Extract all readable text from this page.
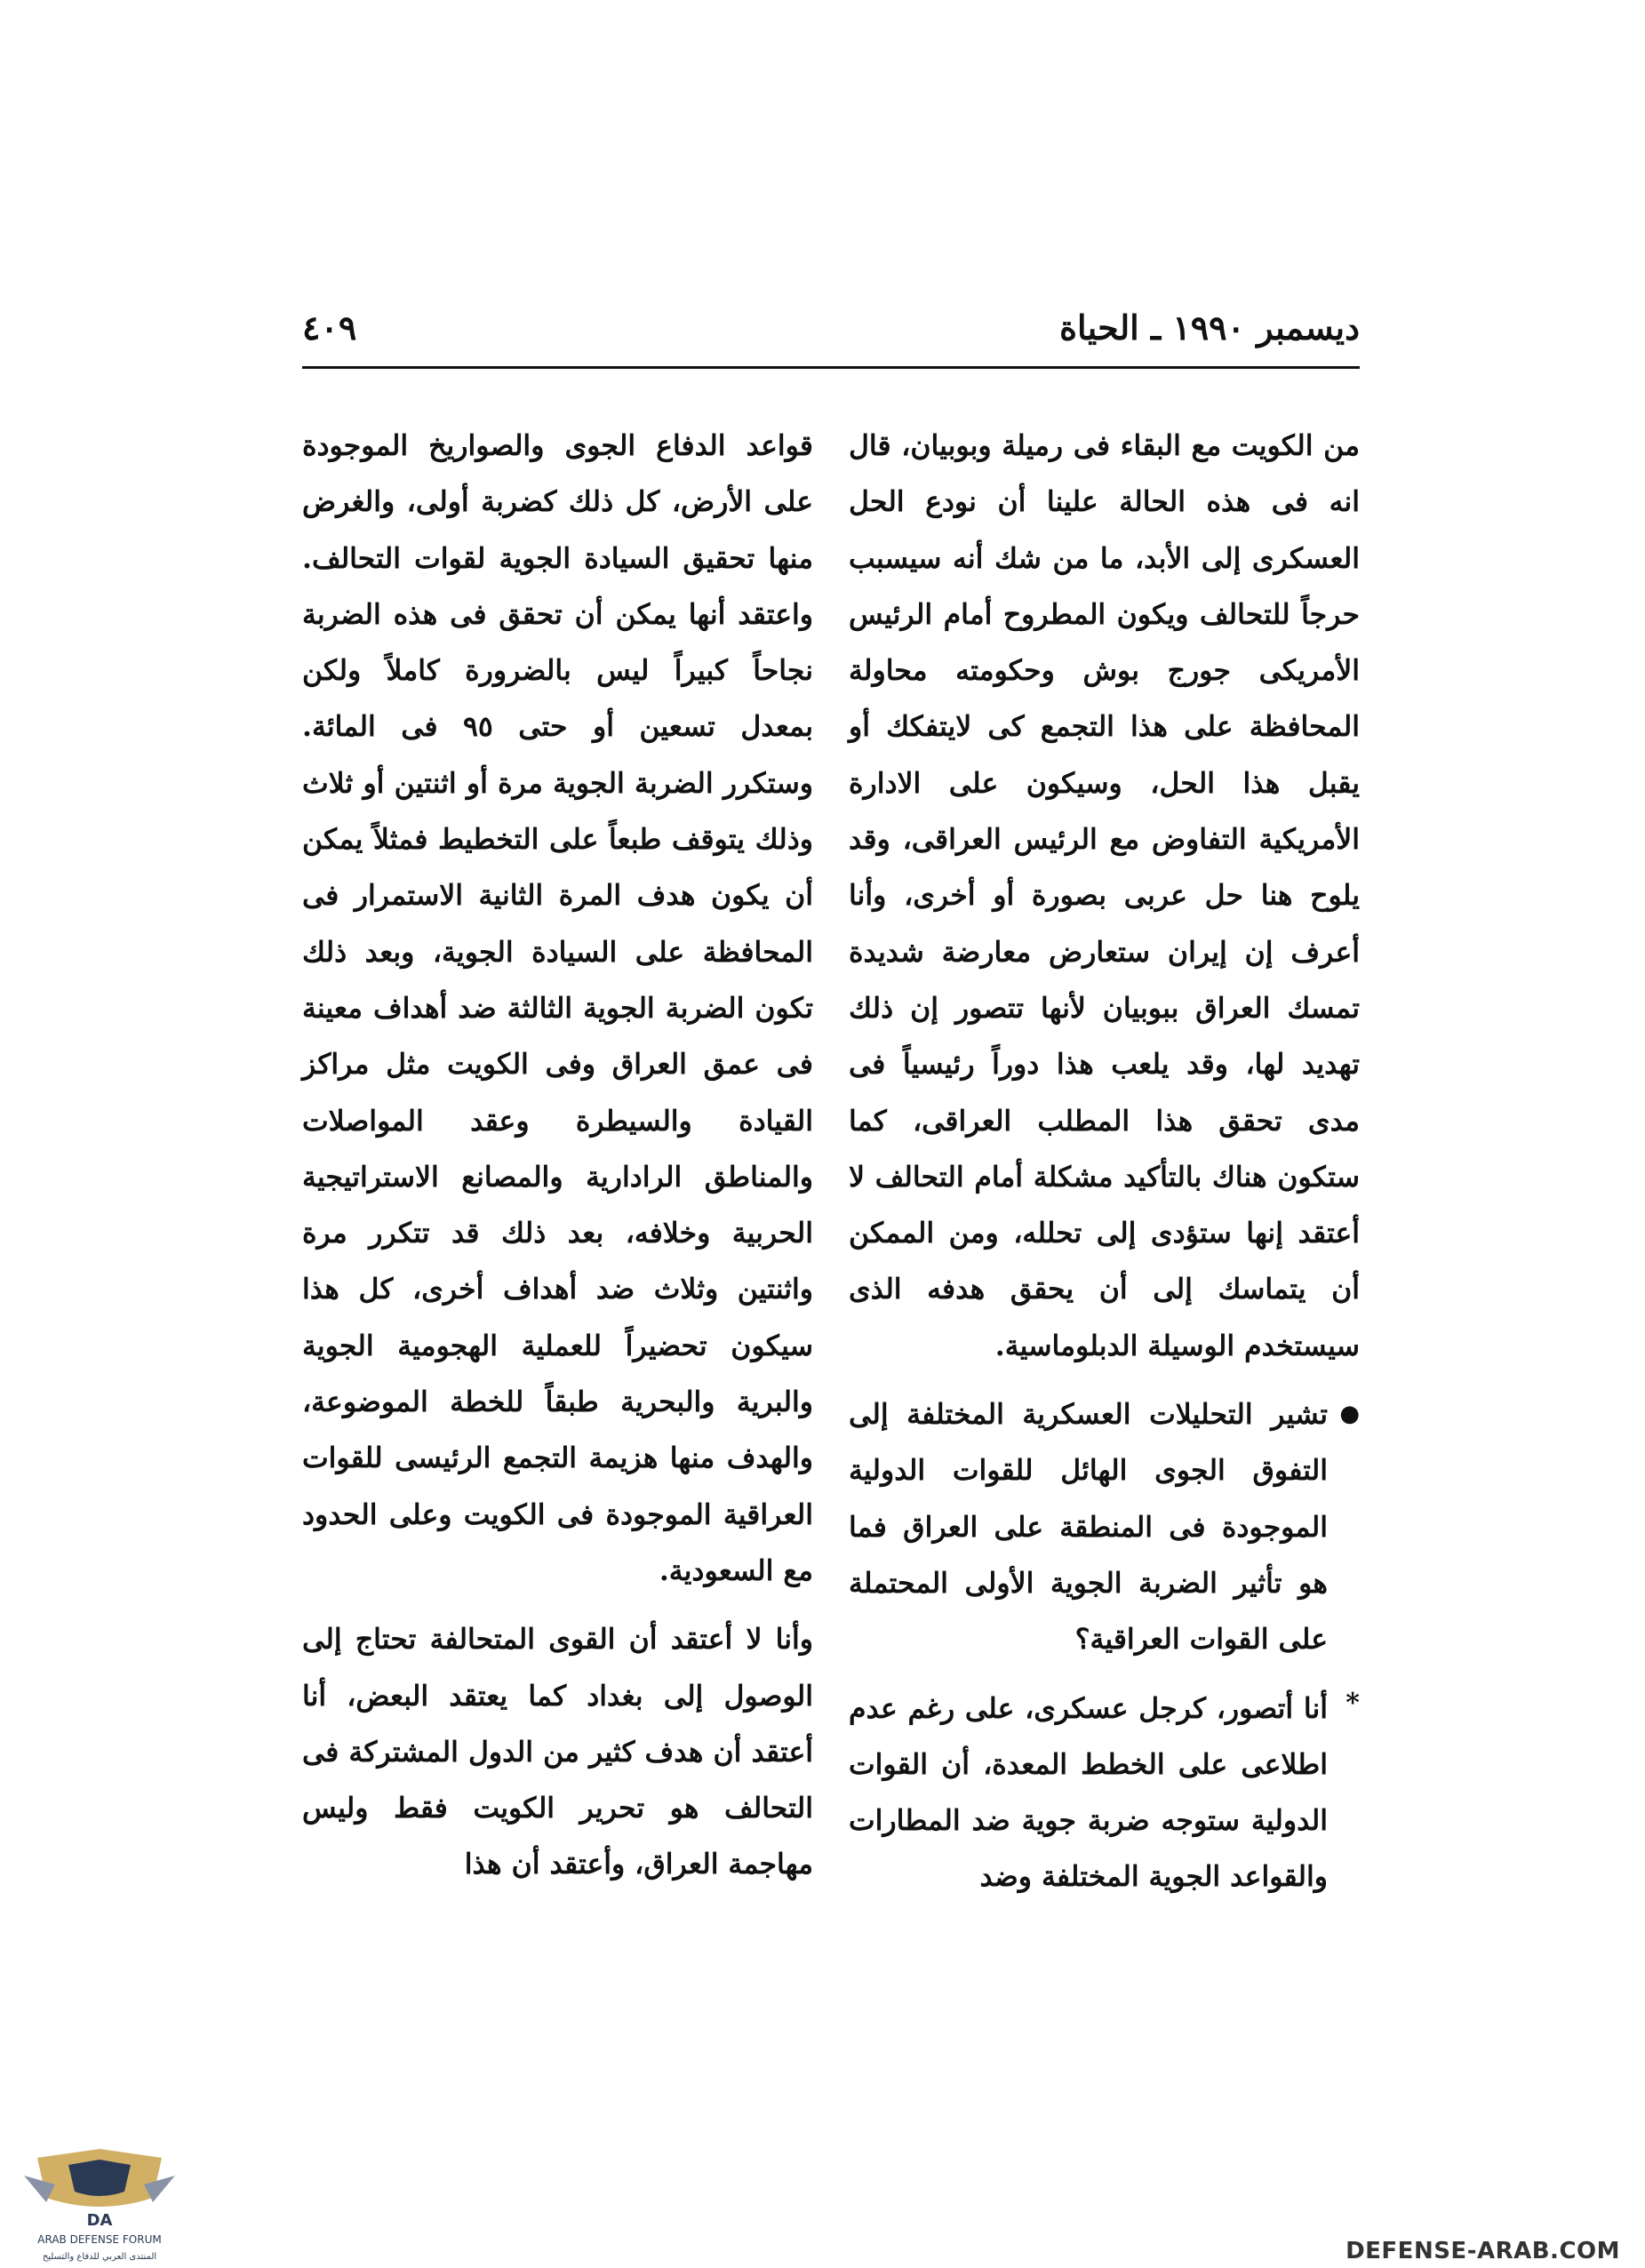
ديسمبر ١٩٩٠ ـ الحياة
٤٠٩

من الكويت مع البقاء فى رميلة وبوبيان، قال انه فى هذه الحالة علينا أن نودع الحل العسكرى إلى الأبد، ما من شك أنه سيسبب حرجاً للتحالف ويكون المطروح أمام الرئيس الأمريكى جورج بوش وحكومته محاولة المحافظة على هذا التجمع كى لايتفكك أو يقبل هذا الحل، وسيكون على الادارة الأمريكية التفاوض مع الرئيس العراقى، وقد يلوح هنا حل عربى بصورة أو أخرى، وأنا أعرف إن إيران ستعارض معارضة شديدة تمسك العراق ببوبيان لأنها تتصور إن ذلك تهديد لها، وقد يلعب هذا دوراً رئيسياً فى مدى تحقق هذا المطلب العراقى، كما ستكون هناك بالتأكيد مشكلة أمام التحالف لا أعتقد إنها ستؤدى إلى تحلله، ومن الممكن أن يتماسك إلى أن يحقق هدفه الذى سيستخدم الوسيلة الدبلوماسية.

●
تشير التحليلات العسكرية المختلفة إلى التفوق الجوى الهائل للقوات الدولية الموجودة فى المنطقة على العراق فما هو تأثير الضربة الجوية الأولى المحتملة على القوات العراقية؟

*
أنا أتصور، كرجل عسكرى، على رغم عدم اطلاعى على الخطط المعدة، أن القوات الدولية ستوجه ضربة جوية ضد المطارات والقواعد الجوية المختلفة وضد

قواعد الدفاع الجوى والصواريخ الموجودة على الأرض، كل ذلك كضربة أولى، والغرض منها تحقيق السيادة الجوية لقوات التحالف. واعتقد أنها يمكن أن تحقق فى هذه الضربة نجاحاً كبيراً ليس بالضرورة كاملاً ولكن بمعدل تسعين أو حتى ٩٥ فى المائة. وستكرر الضربة الجوية مرة أو اثنتين أو ثلاث وذلك يتوقف طبعاً على التخطيط فمثلاً يمكن أن يكون هدف المرة الثانية الاستمرار فى المحافظة على السيادة الجوية، وبعد ذلك تكون الضربة الجوية الثالثة ضد أهداف معينة فى عمق العراق وفى الكويت مثل مراكز القيادة والسيطرة وعقد المواصلات والمناطق الرادارية والمصانع الاستراتيجية الحربية وخلافه، بعد ذلك قد تتكرر مرة واثنتين وثلاث ضد أهداف أخرى، كل هذا سيكون تحضيراً للعملية الهجومية الجوية والبرية والبحرية طبقاً للخطة الموضوعة، والهدف منها هزيمة التجمع الرئيسى للقوات العراقية الموجودة فى الكويت وعلى الحدود مع السعودية.

وأنا لا أعتقد أن القوى المتحالفة تحتاج إلى الوصول إلى بغداد كما يعتقد البعض، أنا أعتقد أن هدف كثير من الدول المشتركة فى التحالف هو تحرير الكويت فقط وليس مهاجمة العراق، وأعتقد أن هذا

DA
ARAB DEFENSE FORUM
المنتدى العربي للدفاع والتسليح	DEFENSE-ARAB.COM
